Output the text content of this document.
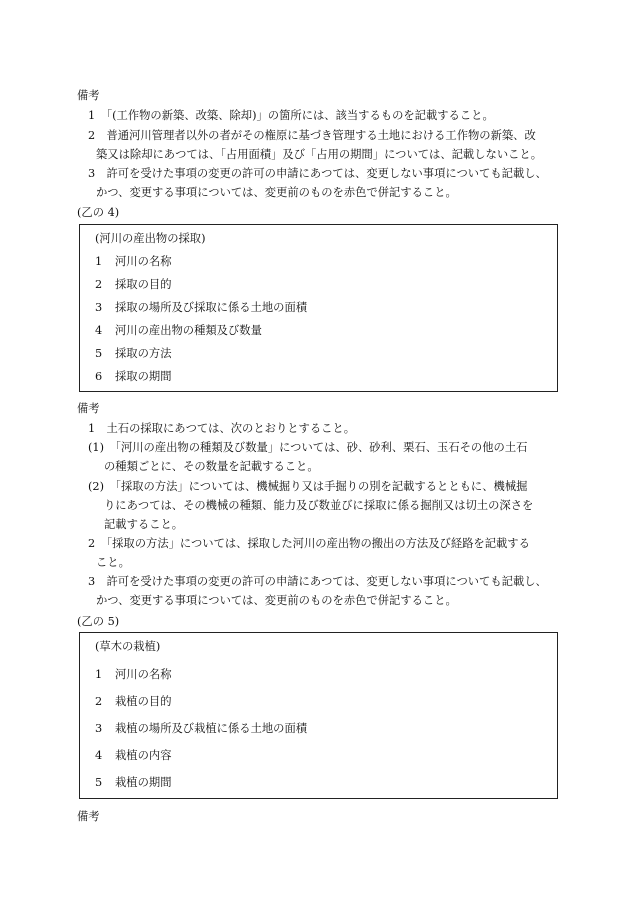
備考
1　「(工作物の新築、改築、除却)」の箇所には、該当するものを記載すること。
2　普通河川管理者以外の者がその権原に基づき管理する土地における工作物の新築、改
築又は除却にあつては、「占用面積」及び「占用の期間」については、記載しないこと。
3　許可を受けた事項の変更の許可の申請にあつては、変更しない事項についても記載し、
かつ、変更する事項については、変更前のものを赤色で併記すること。
(乙の 4)
(河川の産出物の採取)
1 河川の名称
2 採取の目的
3 採取の場所及び採取に係る土地の面積
4 河川の産出物の種類及び数量
5 採取の方法
6 採取の期間
備考
1　土石の採取にあつては、次のとおりとすること。
(1)　「河川の産出物の種類及び数量」については、砂、砂利、栗石、玉石その他の土石
の種類ごとに、その数量を記載すること。
(2)　「採取の方法」については、機械掘り又は手掘りの別を記載するとともに、機械掘
りにあつては、その機械の種類、能力及び数並びに採取に係る掘削又は切土の深さを
記載すること。
2　「採取の方法」については、採取した河川の産出物の搬出の方法及び経路を記載する
こと。
3　許可を受けた事項の変更の許可の申請にあつては、変更しない事項についても記載し、
かつ、変更する事項については、変更前のものを赤色で併記すること。
(乙の 5)
(草木の栽植)
1 河川の名称
2 栽植の目的
3 栽植の場所及び栽植に係る土地の面積
4 栽植の内容
5 栽植の期間
備考
